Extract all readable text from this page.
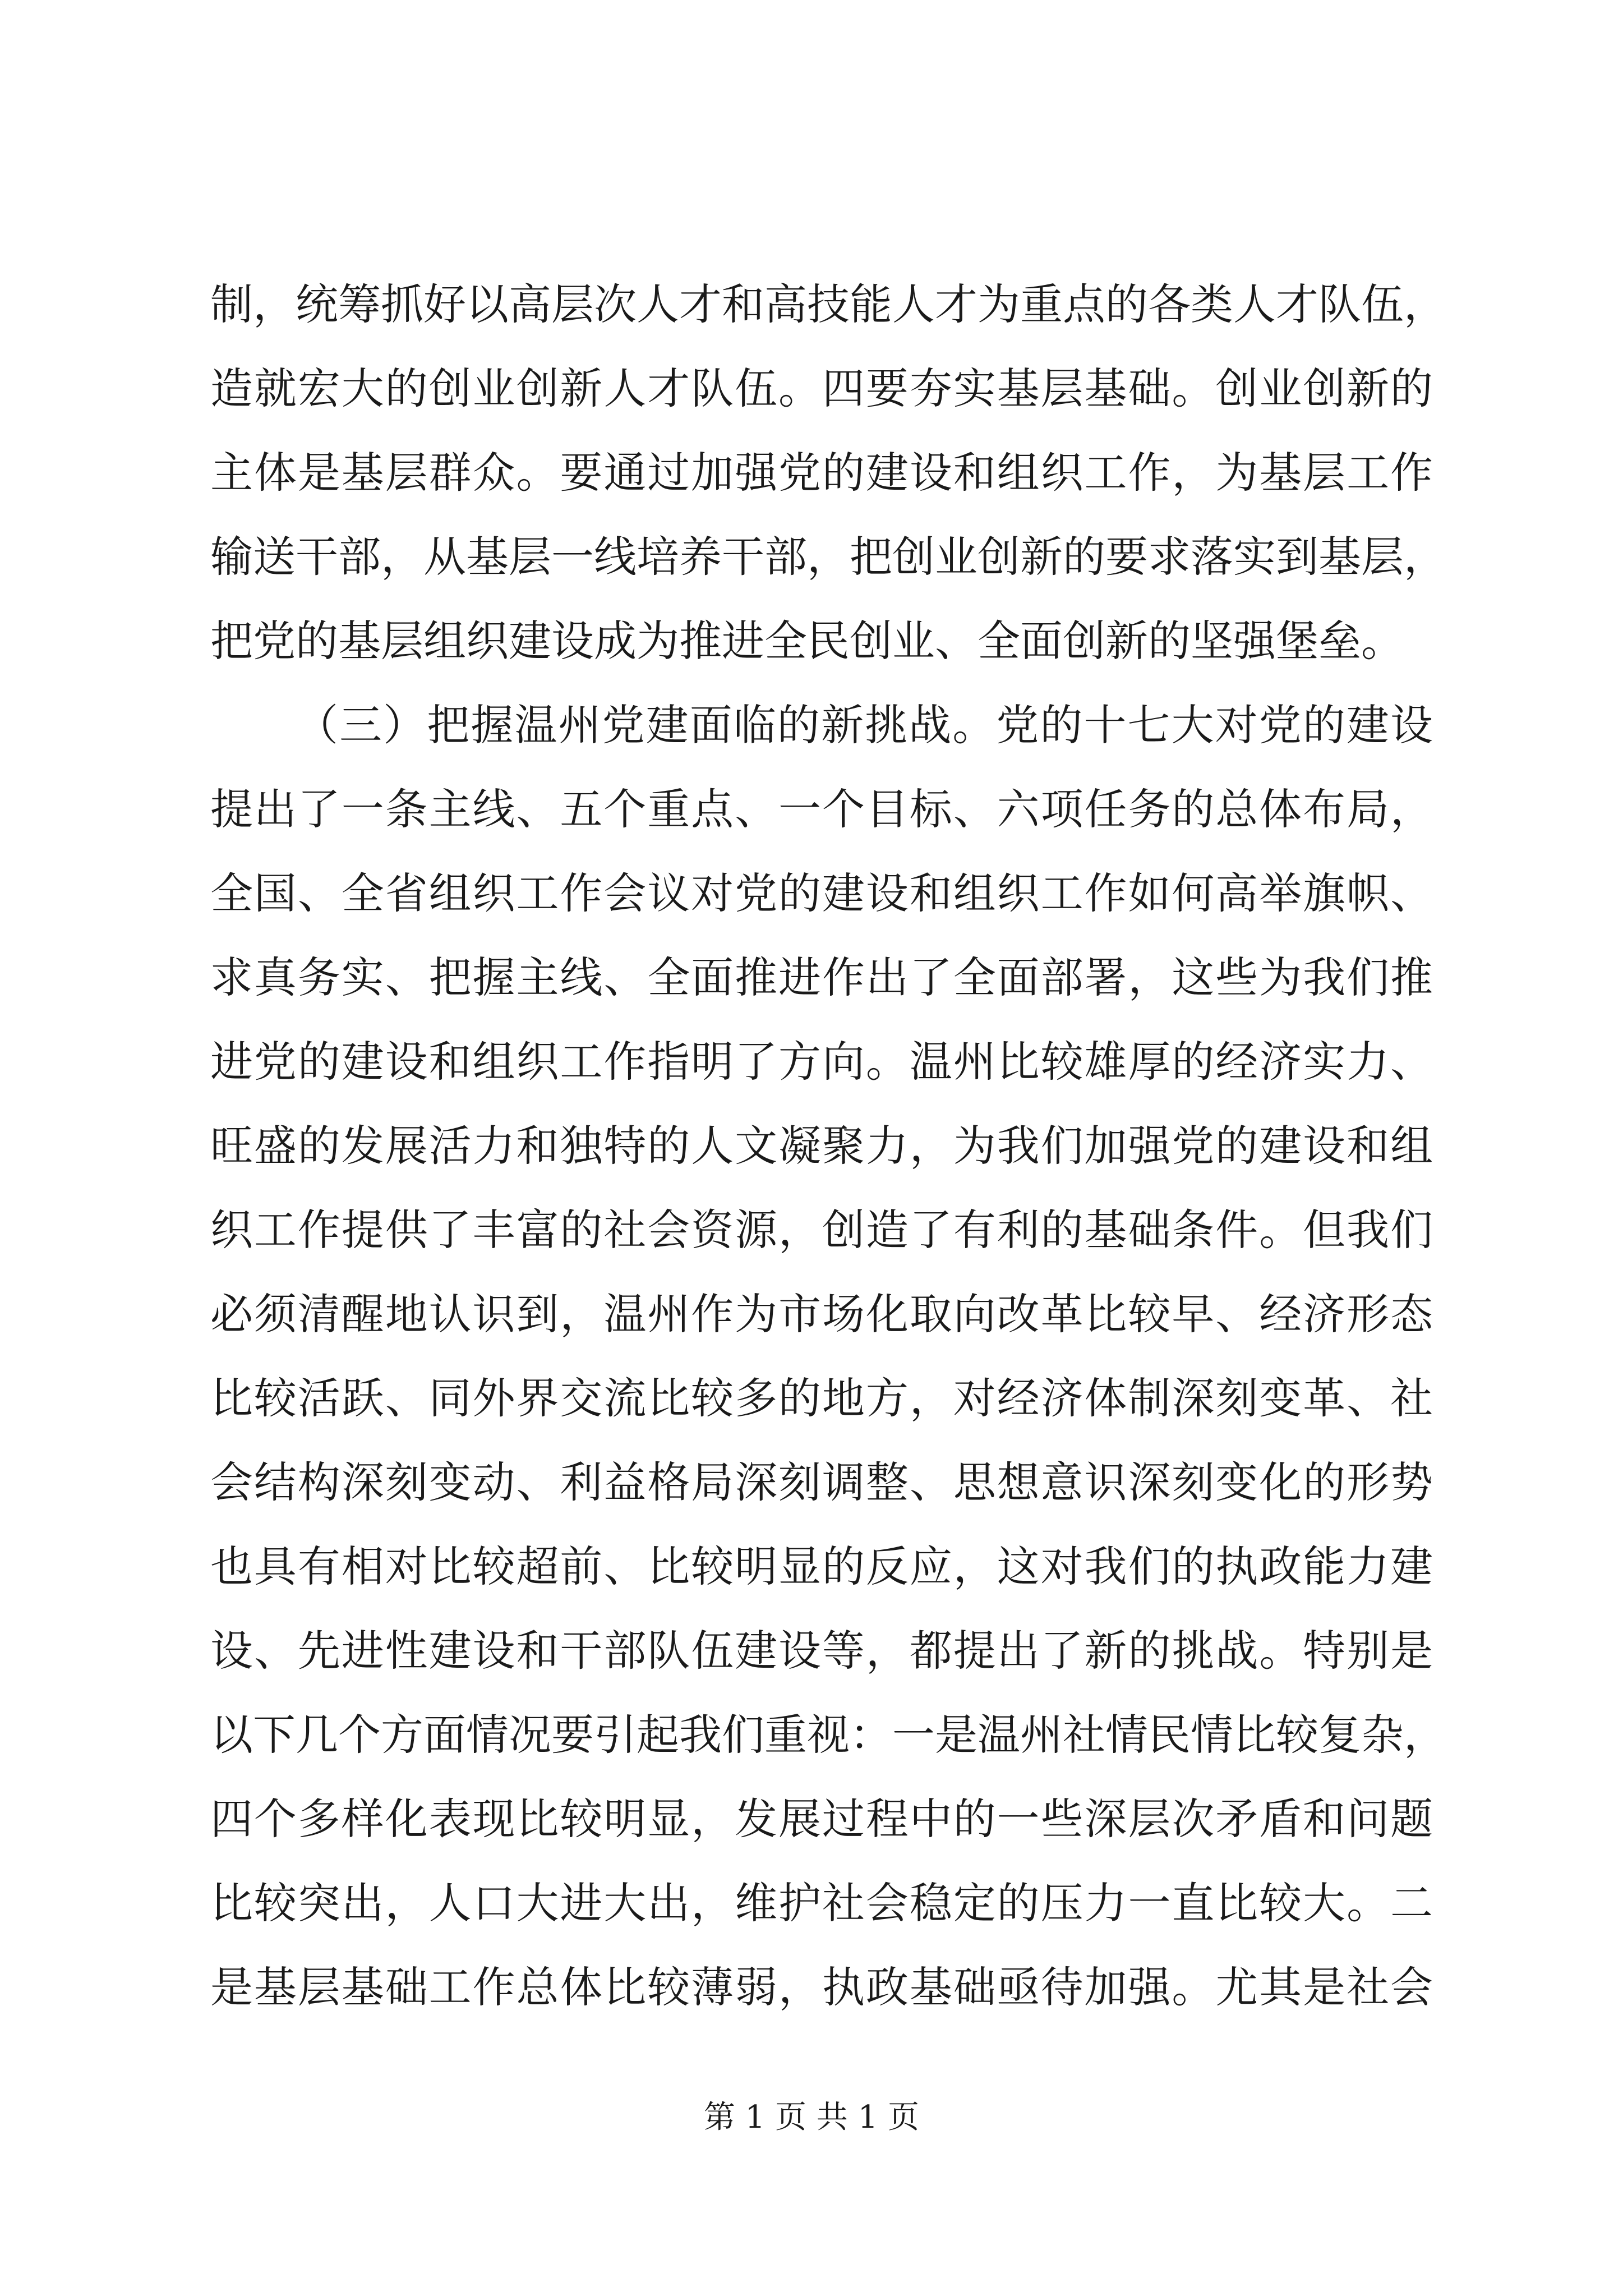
制，统筹抓好以高层次人才和高技能人才为重点的各类人才队伍，
造就宏大的创业创新人才队伍。四要夯实基层基础。创业创新的
主体是基层群众。要通过加强党的建设和组织工作，为基层工作
输送干部，从基层一线培养干部，把创业创新的要求落实到基层，
把党的基层组织建设成为推进全民创业、全面创新的坚强堡垒。
（三）把握温州党建面临的新挑战。党的十七大对党的建设
提出了一条主线、五个重点、一个目标、六项任务的总体布局，
全国、全省组织工作会议对党的建设和组织工作如何高举旗帜、
求真务实、把握主线、全面推进作出了全面部署，这些为我们推
进党的建设和组织工作指明了方向。温州比较雄厚的经济实力、
旺盛的发展活力和独特的人文凝聚力，为我们加强党的建设和组
织工作提供了丰富的社会资源，创造了有利的基础条件。但我们
必须清醒地认识到，温州作为市场化取向改革比较早、经济形态
比较活跃、同外界交流比较多的地方，对经济体制深刻变革、社
会结构深刻变动、利益格局深刻调整、思想意识深刻变化的形势
也具有相对比较超前、比较明显的反应，这对我们的执政能力建
设、先进性建设和干部队伍建设等，都提出了新的挑战。特别是
以下几个方面情况要引起我们重视：一是温州社情民情比较复杂，
四个多样化表现比较明显，发展过程中的一些深层次矛盾和问题
比较突出，人口大进大出，维护社会稳定的压力一直比较大。二
是基层基础工作总体比较薄弱，执政基础亟待加强。尤其是社会
第 1 页 共 1 页
